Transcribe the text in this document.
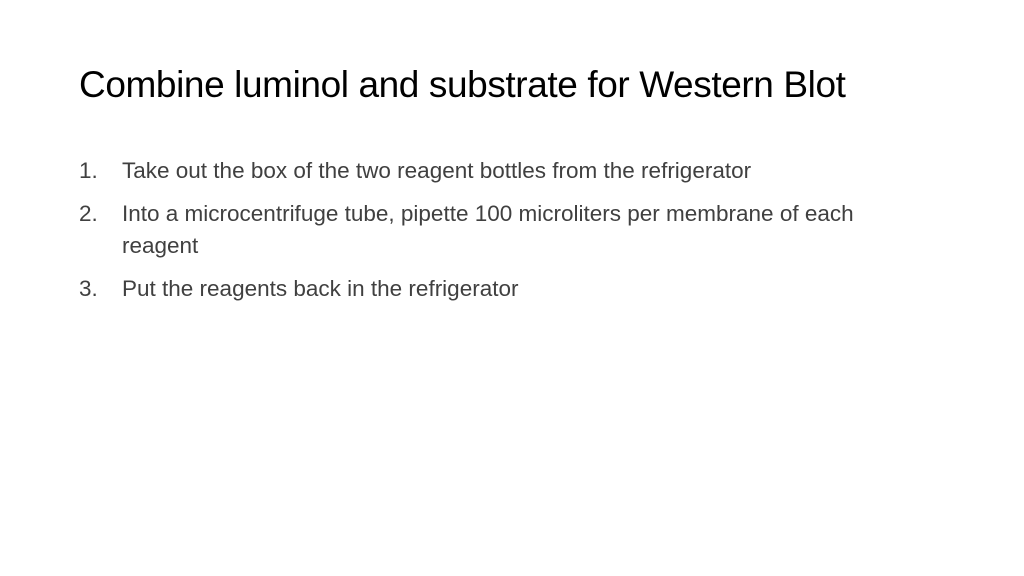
Combine luminol and substrate for Western Blot
1.	Take out the box of the two reagent bottles from the refrigerator
2.	Into a microcentrifuge tube, pipette 100 microliters per membrane of each reagent
3.	Put the reagents back in the refrigerator
